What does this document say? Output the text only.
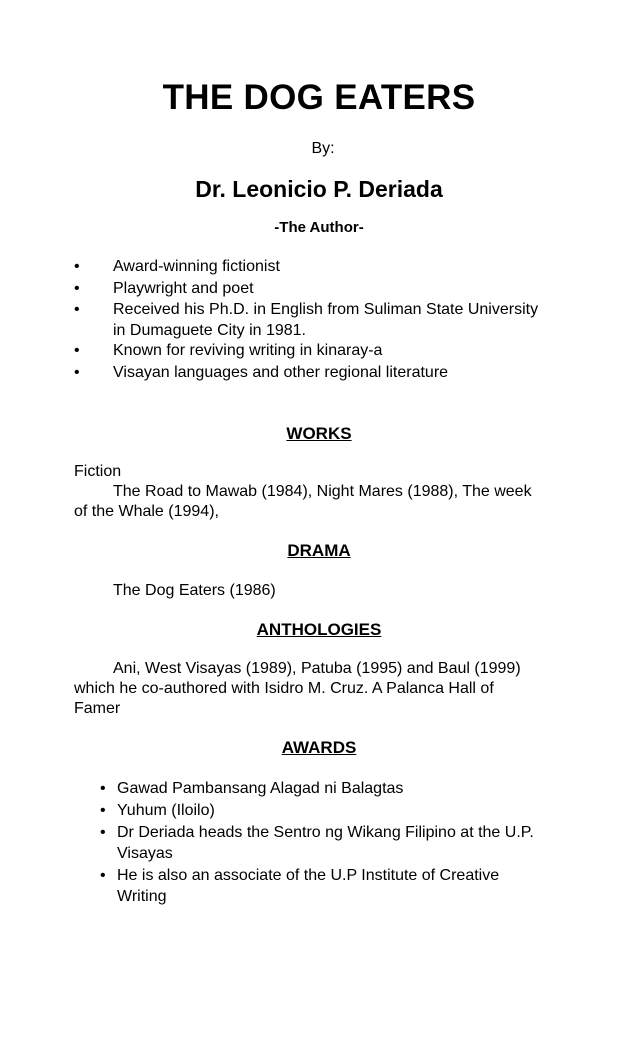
THE DOG EATERS
By:
Dr. Leonicio P. Deriada
-The Author-
• Award-winning fictionist
• Playwright and poet
• Received his Ph.D. in English from Suliman State University
in Dumaguete City in 1981.
• Known for reviving writing in kinaray-a
• Visayan languages and other regional literature
WORKS
Fiction
The Road to Mawab (1984), Night Mares (1988), The week
of the Whale (1994),
DRAMA
The Dog Eaters (1986)
ANTHOLOGIES
Ani, West Visayas (1989), Patuba (1995) and Baul (1999)
which he co-authored with Isidro M. Cruz. A Palanca Hall of
Famer
AWARDS
• Gawad Pambansang Alagad ni Balagtas
• Yuhum (Iloilo)
• Dr Deriada heads the Sentro ng Wikang Filipino at the U.P.
Visayas
• He is also an associate of the U.P Institute of Creative
Writing
